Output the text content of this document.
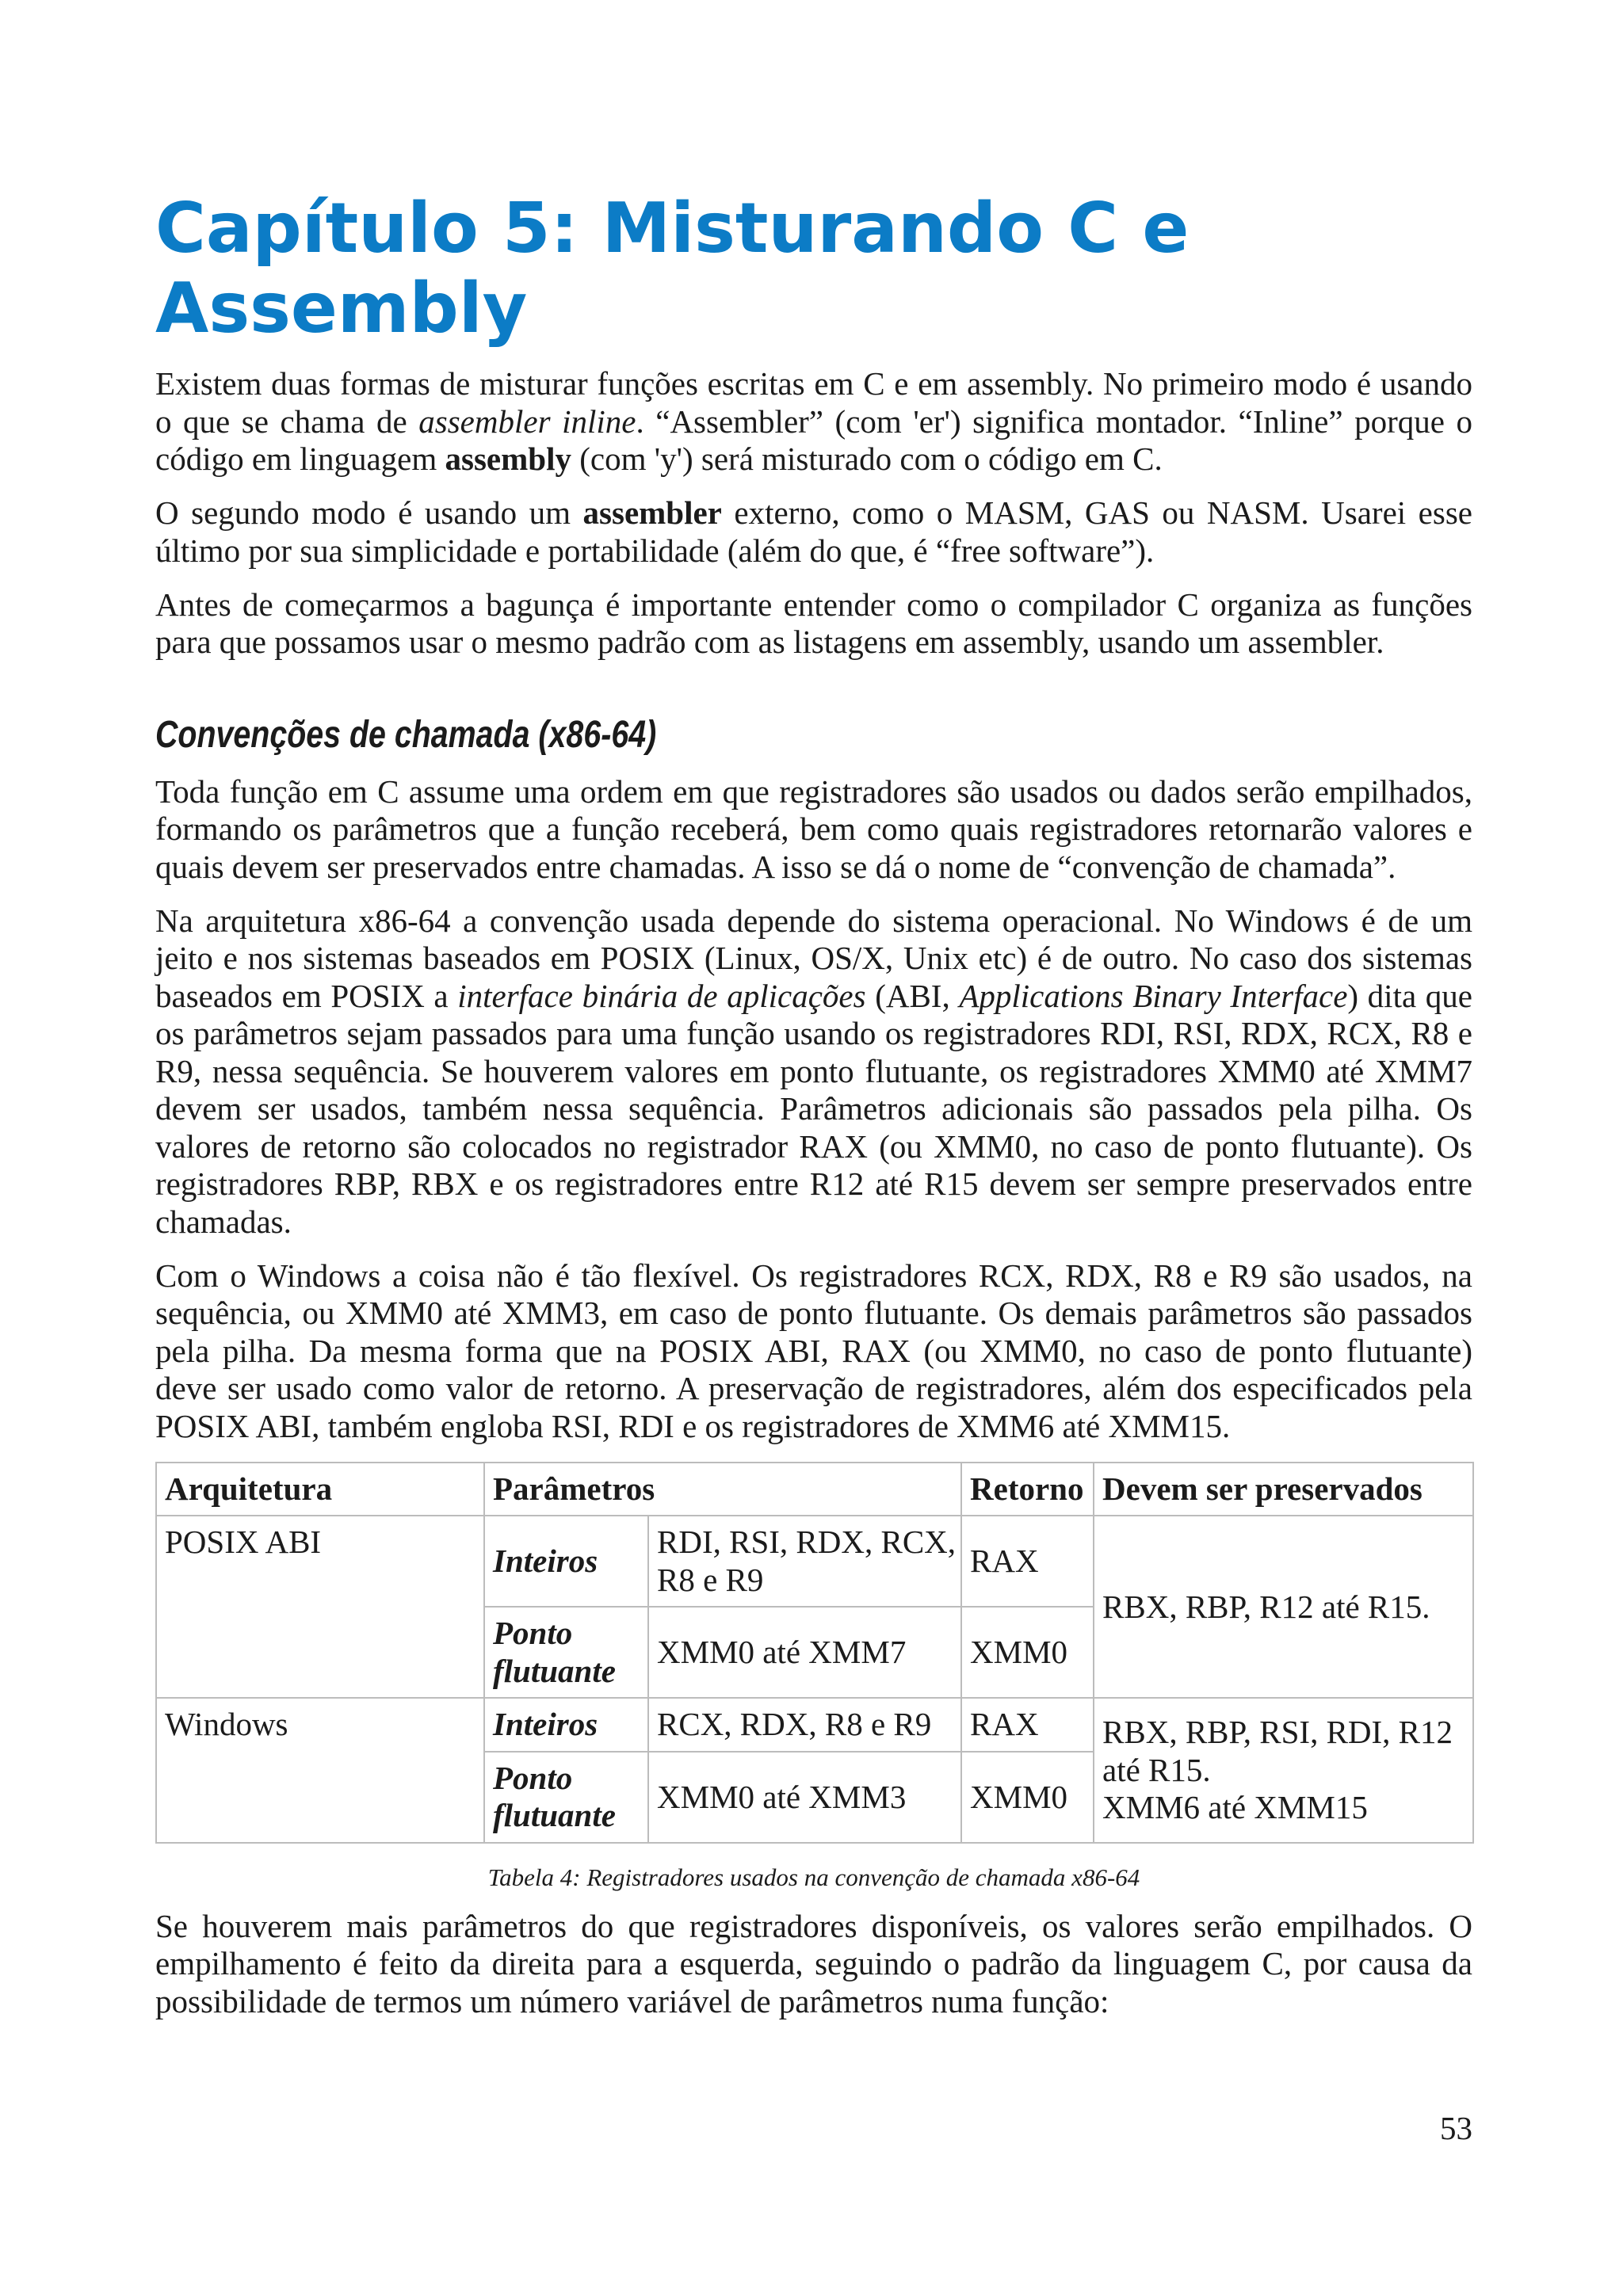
Capítulo 5: Misturando C e Assembly
Existem duas formas de misturar funções escritas em C e em assembly. No primeiro modo é usando
o que se chama de assembler inline. “Assembler” (com 'er') significa montador. “Inline” porque o
código em linguagem assembly (com 'y') será misturado com o código em C.
O segundo modo é usando um assembler externo, como o MASM, GAS ou NASM. Usarei esse
último por sua simplicidade e portabilidade (além do que, é “free software”).
Antes de começarmos a bagunça é importante entender como o compilador C organiza as funções
para que possamos usar o mesmo padrão com as listagens em assembly, usando um assembler.
Convenções de chamada (x86-64)
Toda função em C assume uma ordem em que registradores são usados ou dados serão empilhados,
formando os parâmetros que a função receberá, bem como quais registradores retornarão valores e
quais devem ser preservados entre chamadas. A isso se dá o nome de “convenção de chamada”.
Na arquitetura x86-64 a convenção usada depende do sistema operacional. No Windows é de um
jeito e nos sistemas baseados em POSIX (Linux, OS/X, Unix etc) é de outro. No caso dos sistemas
baseados em POSIX a interface binária de aplicações (ABI, Applications Binary Interface) dita que
os parâmetros sejam passados para uma função usando os registradores RDI, RSI, RDX, RCX, R8 e
R9, nessa sequência. Se houverem valores em ponto flutuante, os registradores XMM0 até XMM7
devem ser usados, também nessa sequência. Parâmetros adicionais são passados pela pilha. Os
valores de retorno são colocados no registrador RAX (ou XMM0, no caso de ponto flutuante). Os
registradores RBP, RBX e os registradores entre R12 até R15 devem ser sempre preservados entre
chamadas.
Com o Windows a coisa não é tão flexível. Os registradores RCX, RDX, R8 e R9 são usados, na
sequência, ou XMM0 até XMM3, em caso de ponto flutuante. Os demais parâmetros são passados
pela pilha. Da mesma forma que na POSIX ABI, RAX (ou XMM0, no caso de ponto flutuante)
deve ser usado como valor de retorno. A preservação de registradores, além dos especificados pela
POSIX ABI, também engloba RSI, RDI e os registradores de XMM6 até XMM15.
Arquitetura	Parâmetros		Retorno	Devem ser preservados
POSIX ABI	Inteiros	RDI, RSI, RDX, RCX, R8 e R9	RAX	RBX, RBP, R12 até R15.

	Ponto flutuante	XMM0 até XMM7	XMM0	
Windows	Inteiros	RCX, RDX, R8 e R9	RAX	RBX, RBP, RSI, RDI, R12 até R15.
XMM6 até XMM15

	Ponto flutuante	XMM0 até XMM3	XMM0	
Tabela 4: Registradores usados na convenção de chamada x86-64
Se houverem mais parâmetros do que registradores disponíveis, os valores serão empilhados. O
empilhamento é feito da direita para a esquerda, seguindo o padrão da linguagem C, por causa da
possibilidade de termos um número variável de parâmetros numa função:
53
